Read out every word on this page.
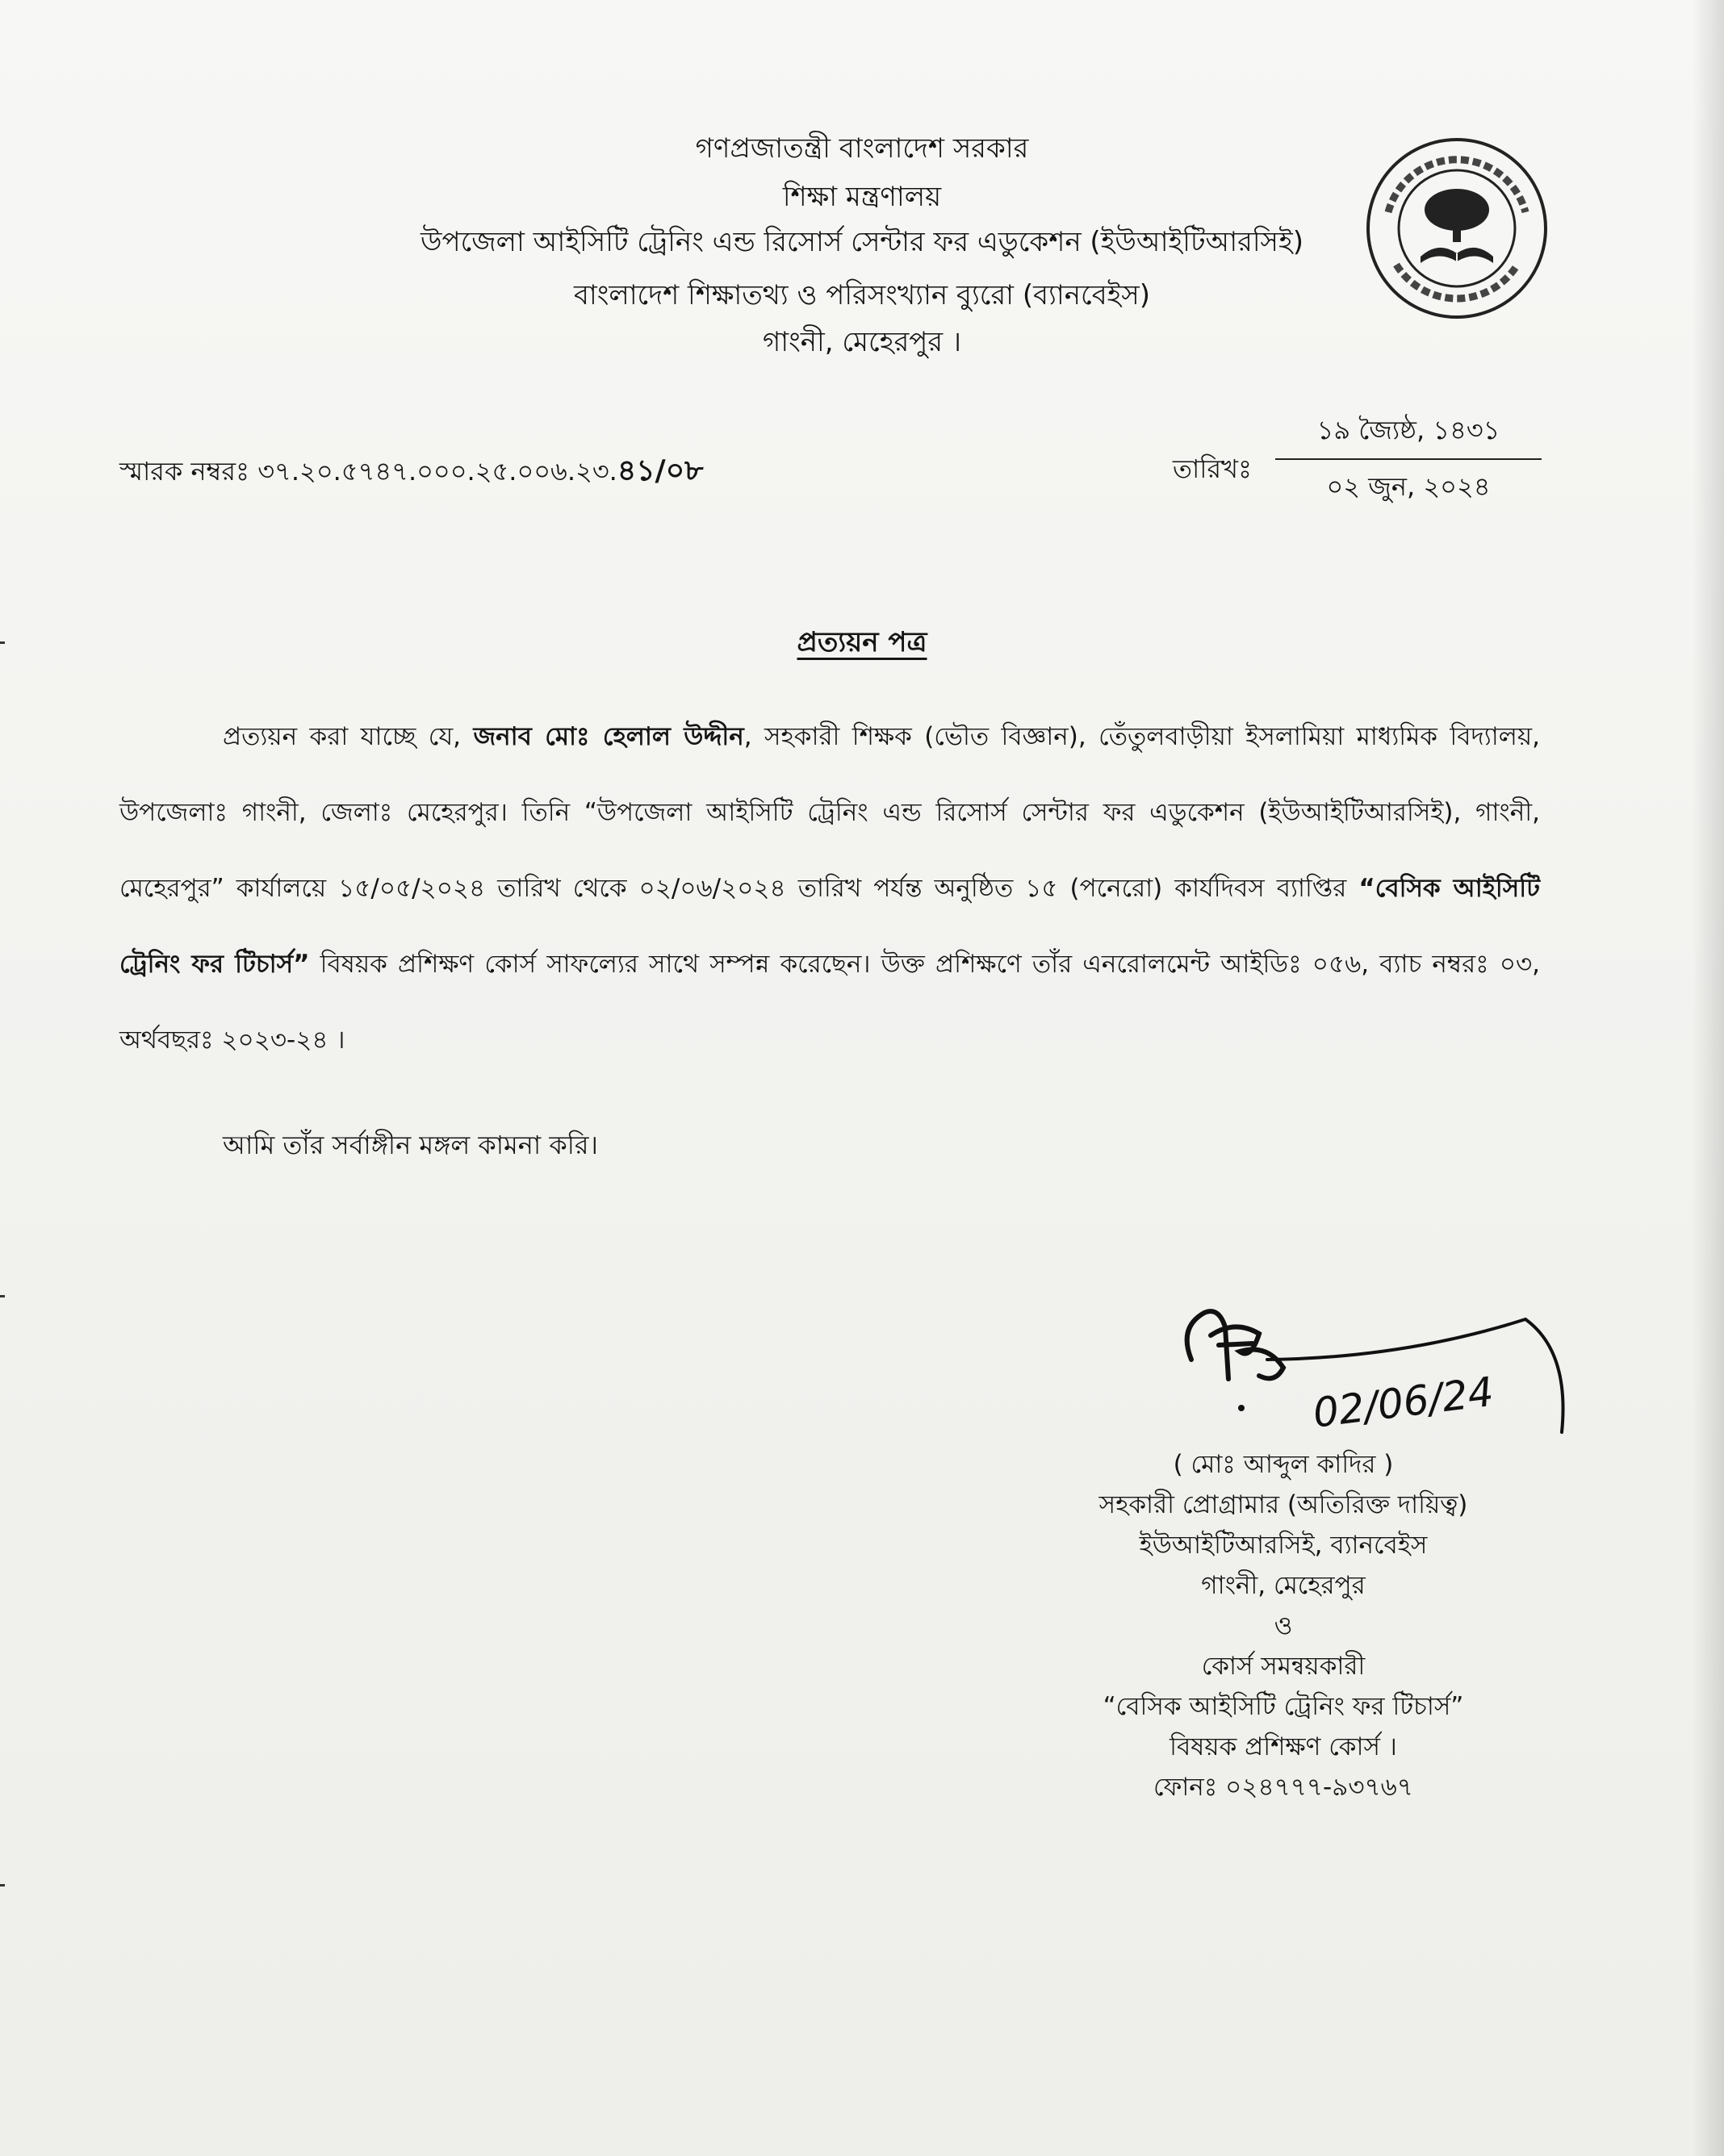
গণপ্রজাতন্ত্রী বাংলাদেশ সরকার
শিক্ষা মন্ত্রণালয়
উপজেলা আইসিটি ট্রেনিং এন্ড রিসোর্স সেন্টার ফর এডুকেশন (ইউআইটিআরসিই)
বাংলাদেশ শিক্ষাতথ্য ও পরিসংখ্যান ব্যুরো (ব্যানবেইস)
গাংনী, মেহেরপুর ।
স্মারক নম্বরঃ ৩৭.২০.৫৭৪৭.০০০.২৫.০০৬.২৩.৪১/০৮	তারিখঃ
১৯ জ্যৈষ্ঠ, ১৪৩১
০২ জুন, ২০২৪
প্রত্যয়ন পত্র
প্রত্যয়ন করা যাচ্ছে যে, জনাব মোঃ হেলাল উদ্দীন, সহকারী শিক্ষক (ভৌত বিজ্ঞান), তেঁতুলবাড়ীয়া ইসলামিয়া মাধ্যমিক বিদ্যালয়, উপজেলাঃ গাংনী, জেলাঃ মেহেরপুর। তিনি “উপজেলা আইসিটি ট্রেনিং এন্ড রিসোর্স সেন্টার ফর এডুকেশন (ইউআইটিআরসিই), গাংনী, মেহেরপুর” কার্যালয়ে ১৫/০৫/২০২৪ তারিখ থেকে ০২/০৬/২০২৪ তারিখ পর্যন্ত অনুষ্ঠিত ১৫ (পনেরো) কার্যদিবস ব্যাপ্তির “বেসিক আইসিটি ট্রেনিং ফর টিচার্স” বিষয়ক প্রশিক্ষণ কোর্স সাফল্যের সাথে সম্পন্ন করেছেন। উক্ত প্রশিক্ষণে তাঁর এনরোলমেন্ট আইডিঃ ০৫৬, ব্যাচ নম্বরঃ ০৩, অর্থবছরঃ ২০২৩-২৪ ।
আমি তাঁর সর্বাঙ্গীন মঙ্গল কামনা করি।
02/06/24
( মোঃ আব্দুল কাদির )
সহকারী প্রোগ্রামার (অতিরিক্ত দায়িত্ব)
ইউআইটিআরসিই, ব্যানবেইস
গাংনী, মেহেরপুর
ও
কোর্স সমন্বয়কারী
“বেসিক আইসিটি ট্রেনিং ফর টিচার্স”
বিষয়ক প্রশিক্ষণ কোর্স ।
ফোনঃ ০২৪৭৭৭-৯৩৭৬৭
